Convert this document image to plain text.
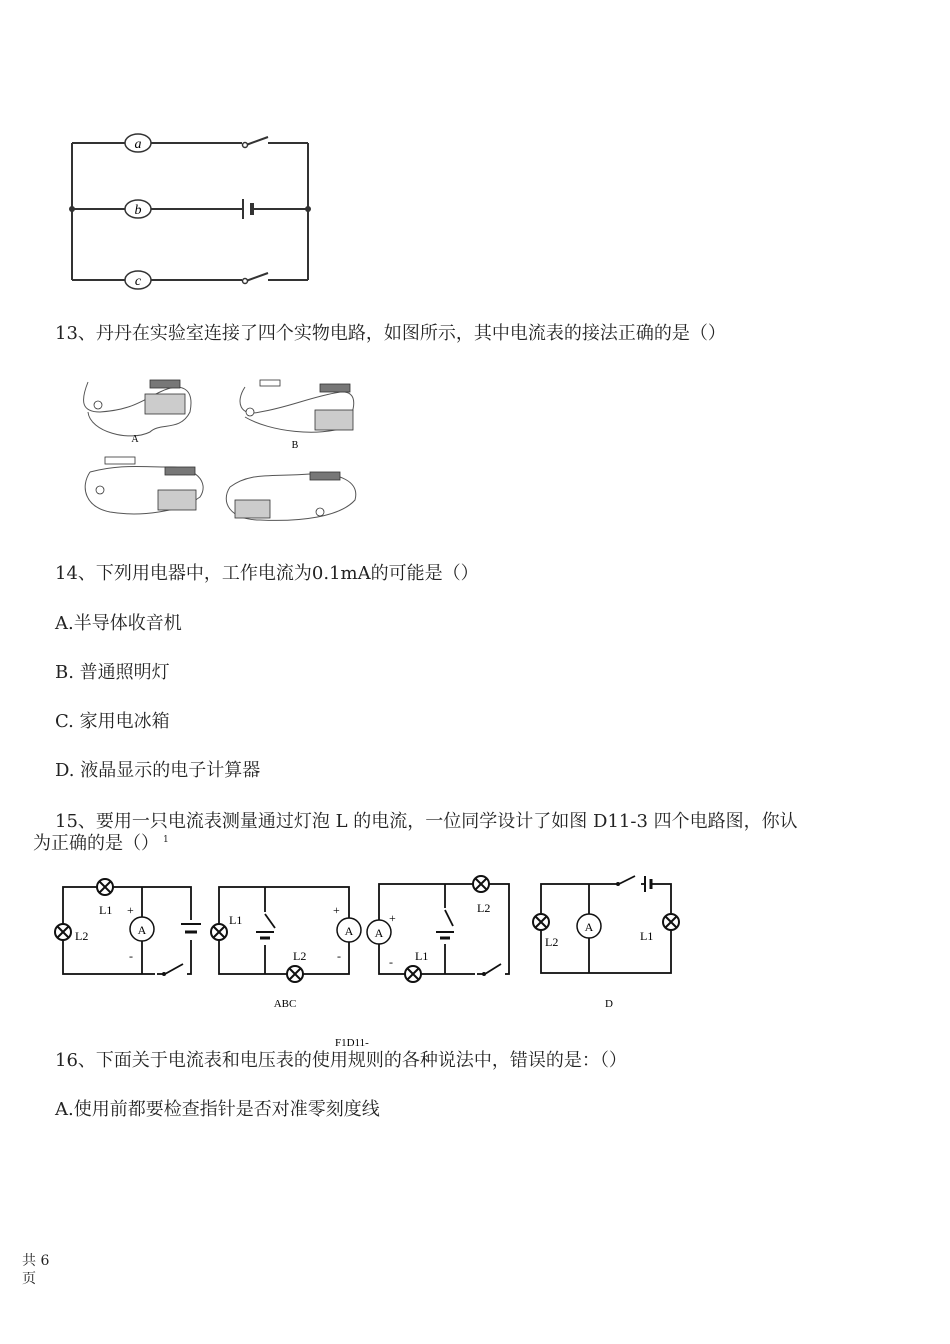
a
b
c
13、丹丹在实验室连接了四个实物电路，如图所示，其中电流表的接法正确的是（）
A
B
14、下列用电器中，工作电流为0.1mA的可能是（）
A.半导体收音机
B. 普通照明灯
C. 家用电冰箱
D. 液晶显示的电子计算器
15、要用一只电流表测量通过灯泡 L 的电流，一位同学设计了如图 D11-3 四个电路图，你认
为正确的是（） $^1$
A
L1
L2
+
-
A
L1
L2
+
-
A
L2
L1
+
-
A
L2	L1
ABC	D
F1D11-
16、下面关于电流表和电压表的使用规则的各种说法中，错误的是：（）
A.使用前都要检查指针是否对准零刻度线
共 6
页
